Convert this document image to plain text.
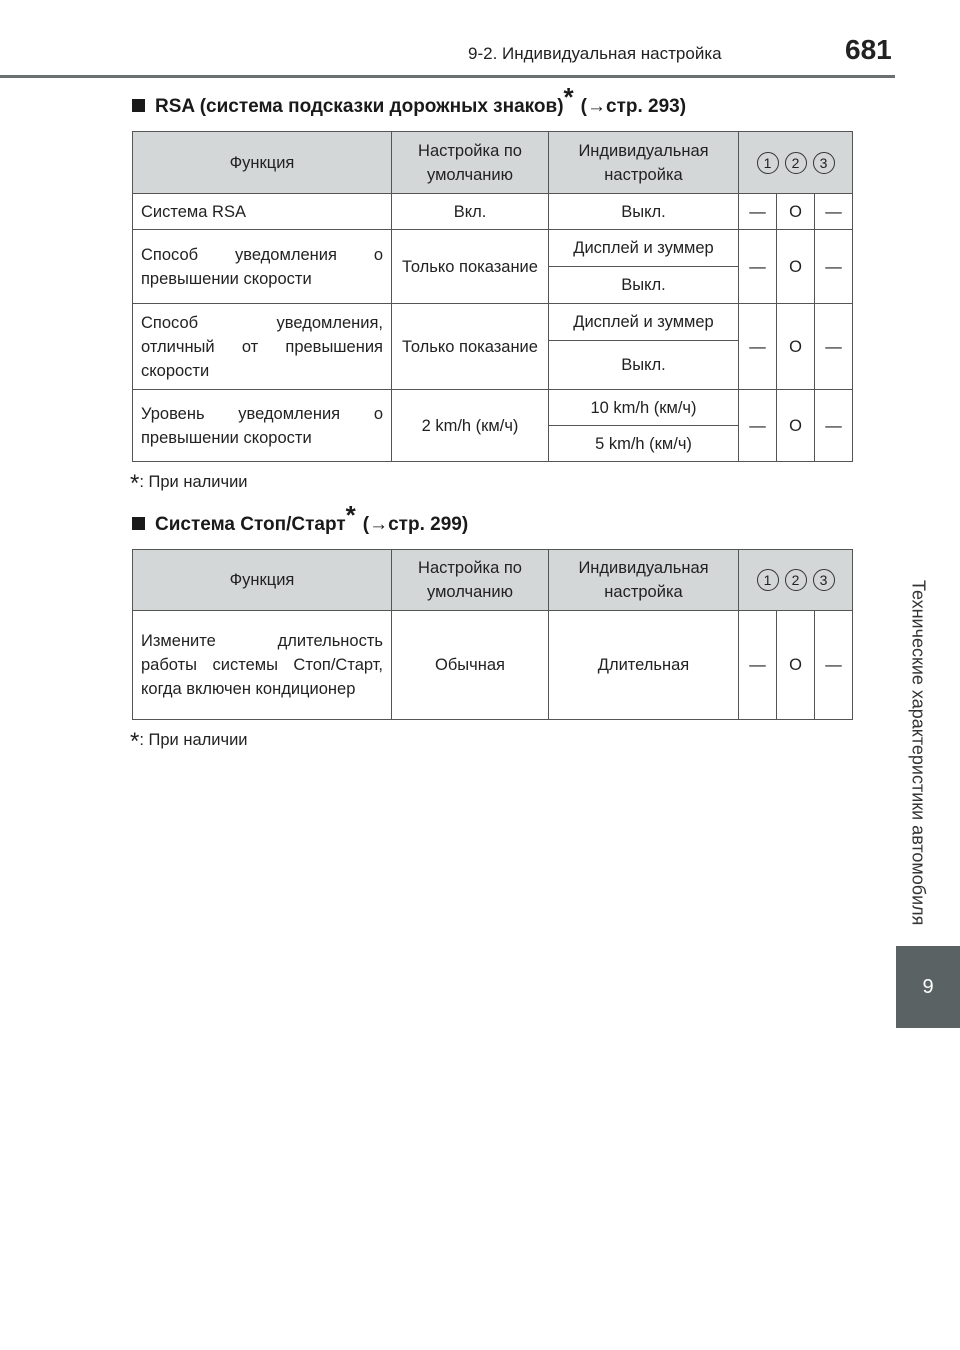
9-2. Индивидуальная настройка	681
Технические характеристики автомобиля
9
RSA (система подсказки дорожных знаков) * ( →стр. 293)
Функция	Настройка по умолчанию	Индивидуальная настройка	1 2 3		
Система RSA	Вкл.	Выкл.	—	O	—
Способ уведомления о превышении скорости	Только показание	Дисплей и зуммер	—	O	—
		Выкл.			
Способ уведомления, отличный от превышения скорости	Только показание	Дисплей и зуммер	—	O	—
		Выкл.			
Уровень уведомления о превышении скорости	2 km/h (км/ч)	10 km/h (км/ч)	—	O	—
		5 km/h (км/ч)			
*: При наличии
Система Стоп/Старт * ( →стр. 299)
Функция	Настройка по умолчанию	Индивидуальная настройка	1 2 3		
Измените длительность работы системы Стоп/Старт, когда включен кондиционер	Обычная	Длительная	—	O	—
*: При наличии
